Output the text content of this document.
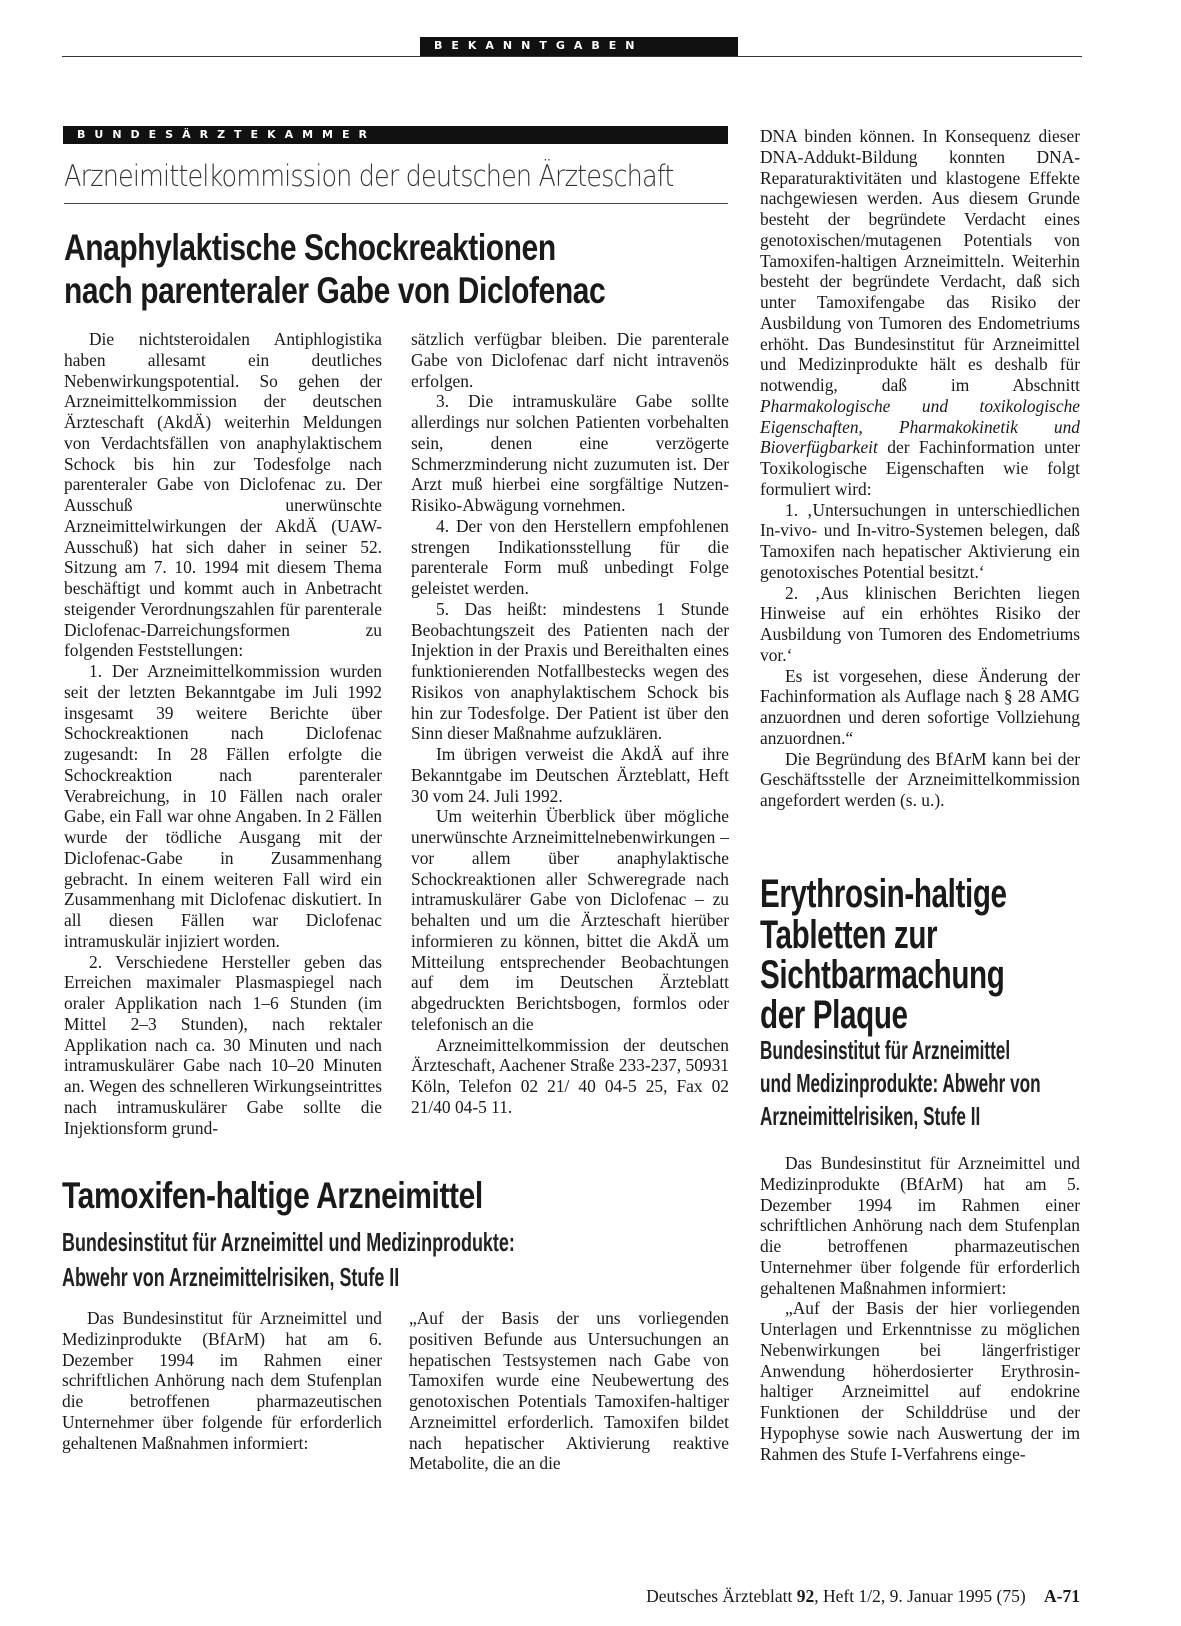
BEKANNTGABEN
BUNDESÄRZTEKAMMER
Arzneimittelkommission der deutschen Ärzteschaft
Anaphylaktische Schockreaktionen
nach parenteraler Gabe von Diclofenac

Die nichtsteroidalen Antiphlogistika haben allesamt ein deutliches Nebenwirkungspotential. So gehen der Arzneimittelkommission der deutschen Ärzteschaft (AkdÄ) weiterhin Meldungen von Verdachtsfällen von anaphylaktischem Schock bis hin zur Todesfolge nach parenteraler Gabe von Diclofenac zu. Der Ausschuß unerwünschte Arzneimittelwirkungen der AkdÄ (UAW-Ausschuß) hat sich daher in seiner 52. Sitzung am 7. 10. 1994 mit diesem Thema beschäftigt und kommt auch in Anbetracht steigender Verordnungszahlen für parenterale Diclofenac-Darreichungsformen zu folgenden Feststellungen:

1. Der Arzneimittelkommission wurden seit der letzten Bekanntgabe im Juli 1992 insgesamt 39 weitere Berichte über Schockreaktionen nach Diclofenac zugesandt: In 28 Fällen erfolgte die Schockreaktion nach parenteraler Verabreichung, in 10 Fällen nach oraler Gabe, ein Fall war ohne Angaben. In 2 Fällen wurde der tödliche Ausgang mit der Diclofenac-Gabe in Zusammenhang gebracht. In einem weiteren Fall wird ein Zusammenhang mit Diclofenac diskutiert. In all diesen Fällen war Diclofenac intramuskulär injiziert worden.

2. Verschiedene Hersteller geben das Erreichen maximaler Plasmaspiegel nach oraler Applikation nach 1–6 Stunden (im Mittel 2–3 Stunden), nach rektaler Applikation nach ca. 30 Minuten und nach intramuskulärer Gabe nach 10–20 Minuten an. Wegen des schnelleren Wirkungseintrittes nach intramuskulärer Gabe sollte die Injektionsform grund-

sätzlich verfügbar bleiben. Die parenterale Gabe von Diclofenac darf nicht intravenös erfolgen.

3. Die intramuskuläre Gabe sollte allerdings nur solchen Patienten vorbehalten sein, denen eine verzögerte Schmerzminderung nicht zuzumuten ist. Der Arzt muß hierbei eine sorgfältige Nutzen-Risiko-Abwägung vornehmen.

4. Der von den Herstellern empfohlenen strengen Indikationsstellung für die parenterale Form muß unbedingt Folge geleistet werden.

5. Das heißt: mindestens 1 Stunde Beobachtungszeit des Patienten nach der Injektion in der Praxis und Bereithalten eines funktionierenden Notfallbestecks wegen des Risikos von anaphylaktischem Schock bis hin zur Todesfolge. Der Patient ist über den Sinn dieser Maßnahme aufzuklären.

Im übrigen verweist die AkdÄ auf ihre Bekanntgabe im Deutschen Ärzteblatt, Heft 30 vom 24. Juli 1992.

Um weiterhin Überblick über mögliche unerwünschte Arzneimittelnebenwirkungen – vor allem über anaphylaktische Schockreaktionen aller Schweregrade nach intramuskulärer Gabe von Diclofenac – zu behalten und um die Ärzteschaft hierüber informieren zu können, bittet die AkdÄ um Mitteilung entsprechender Beobachtungen auf dem im Deutschen Ärzteblatt abgedruckten Berichtsbogen, formlos oder telefonisch an die

Arzneimittelkommission der deutschen Ärzteschaft, Aachener Straße 233-237, 50931 Köln, Telefon 02 21/ 40 04-5 25, Fax 02 21/40 04-5 11.

DNA binden können. In Konsequenz dieser DNA-Addukt-Bildung konnten DNA-Reparaturaktivitäten und klastogene Effekte nachgewiesen werden. Aus diesem Grunde besteht der begründete Verdacht eines genotoxischen/mutagenen Potentials von Tamoxifen-haltigen Arzneimitteln. Weiterhin besteht der begründete Verdacht, daß sich unter Tamoxifengabe das Risiko der Ausbildung von Tumoren des Endometriums erhöht. Das Bundesinstitut für Arzneimittel und Medizinprodukte hält es deshalb für notwendig, daß im Abschnitt Pharmakologische und toxikologische Eigenschaften, Pharmakokinetik und Bioverfügbarkeit der Fachinformation unter Toxikologische Eigenschaften wie folgt formuliert wird:

1. ‚Untersuchungen in unterschiedlichen In-vivo- und In-vitro-Systemen belegen, daß Tamoxifen nach hepatischer Aktivierung ein genotoxisches Potential besitzt.‘

2. ‚Aus klinischen Berichten liegen Hinweise auf ein erhöhtes Risiko der Ausbildung von Tumoren des Endometriums vor.‘

Es ist vorgesehen, diese Änderung der Fachinformation als Auflage nach § 28 AMG anzuordnen und deren sofortige Vollziehung anzuordnen.“

Die Begründung des BfArM kann bei der Geschäftsstelle der Arzneimittelkommission angefordert werden (s. u.).

Tamoxifen-haltige Arzneimittel
Bundesinstitut für Arzneimittel und Medizinprodukte:
Abwehr von Arzneimittelrisiken, Stufe II

Das Bundesinstitut für Arzneimittel und Medizinprodukte (BfArM) hat am 6. Dezember 1994 im Rahmen einer schriftlichen Anhörung nach dem Stufenplan die betroffenen pharmazeutischen Unternehmer über folgende für erforderlich gehaltenen Maßnahmen informiert:

„Auf der Basis der uns vorliegenden positiven Befunde aus Untersuchungen an hepatischen Testsystemen nach Gabe von Tamoxifen wurde eine Neubewertung des genotoxischen Potentials Tamoxifen-haltiger Arzneimittel erforderlich. Tamoxifen bildet nach hepatischer Aktivierung reaktive Metabolite, die an die

Erythrosin-haltige
Tabletten zur
Sichtbarmachung
der Plaque
Bundesinstitut für Arzneimittel
und Medizinprodukte: Abwehr von
Arzneimittelrisiken, Stufe II

Das Bundesinstitut für Arzneimittel und Medizinprodukte (BfArM) hat am 5. Dezember 1994 im Rahmen einer schriftlichen Anhörung nach dem Stufenplan die betroffenen pharmazeutischen Unternehmer über folgende für erforderlich gehaltenen Maßnahmen informiert:

„Auf der Basis der hier vorliegenden Unterlagen und Erkenntnisse zu möglichen Nebenwirkungen bei längerfristiger Anwendung höherdosierter Erythrosin-haltiger Arzneimittel auf endokrine Funktionen der Schilddrüse und der Hypophyse sowie nach Auswertung der im Rahmen des Stufe I-Verfahrens einge-

Deutsches Ärzteblatt 92, Heft 1/2, 9. Januar 1995 (75) A-71
